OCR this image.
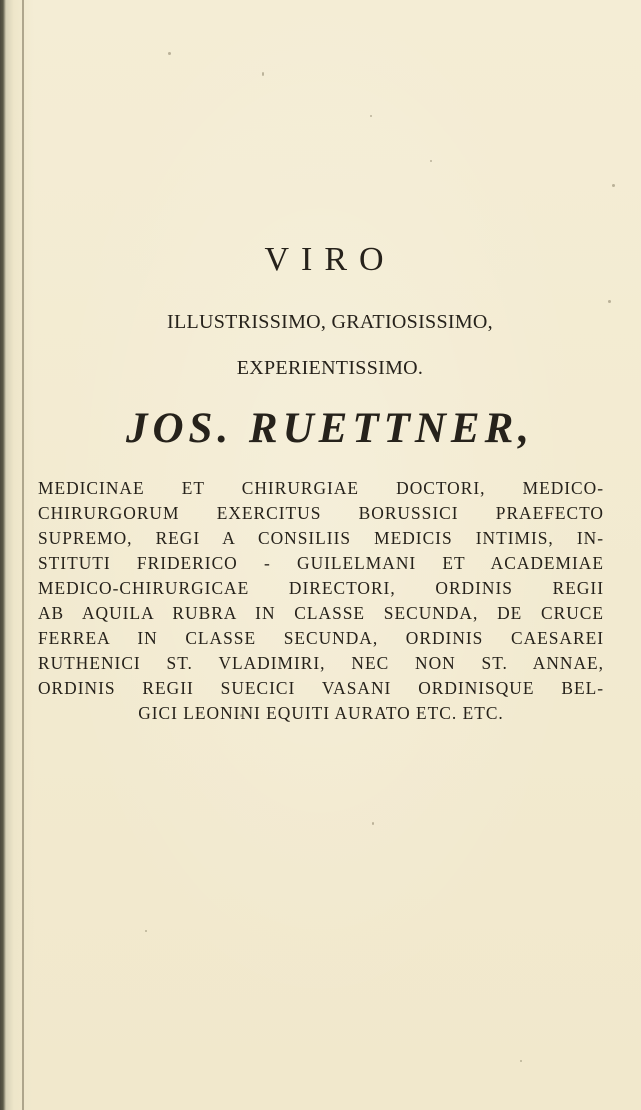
VIRO
ILLUSTRISSIMO, GRATIOSISSIMO,
EXPERIENTISSIMO.
JOS. RUETTNER,
MEDICINAE ET CHIRURGIAE DOCTORI, MEDICO-
CHIRURGORUM EXERCITUS BORUSSICI PRAEFECTO
SUPREMO, REGI A CONSILIIS MEDICIS INTIMIS, IN-
STITUTI FRIDERICO - GUILELMANI ET ACADEMIAE
MEDICO-CHIRURGICAE DIRECTORI, ORDINIS REGII
AB AQUILA RUBRA IN CLASSE SECUNDA, DE CRUCE
FERREA IN CLASSE SECUNDA, ORDINIS CAESAREI
RUTHENICI ST. VLADIMIRI, NEC NON ST. ANNAE,
ORDINIS REGII SUECICI VASANI ORDINISQUE BEL-
GICI LEONINI EQUITI AURATO ETC. ETC.
